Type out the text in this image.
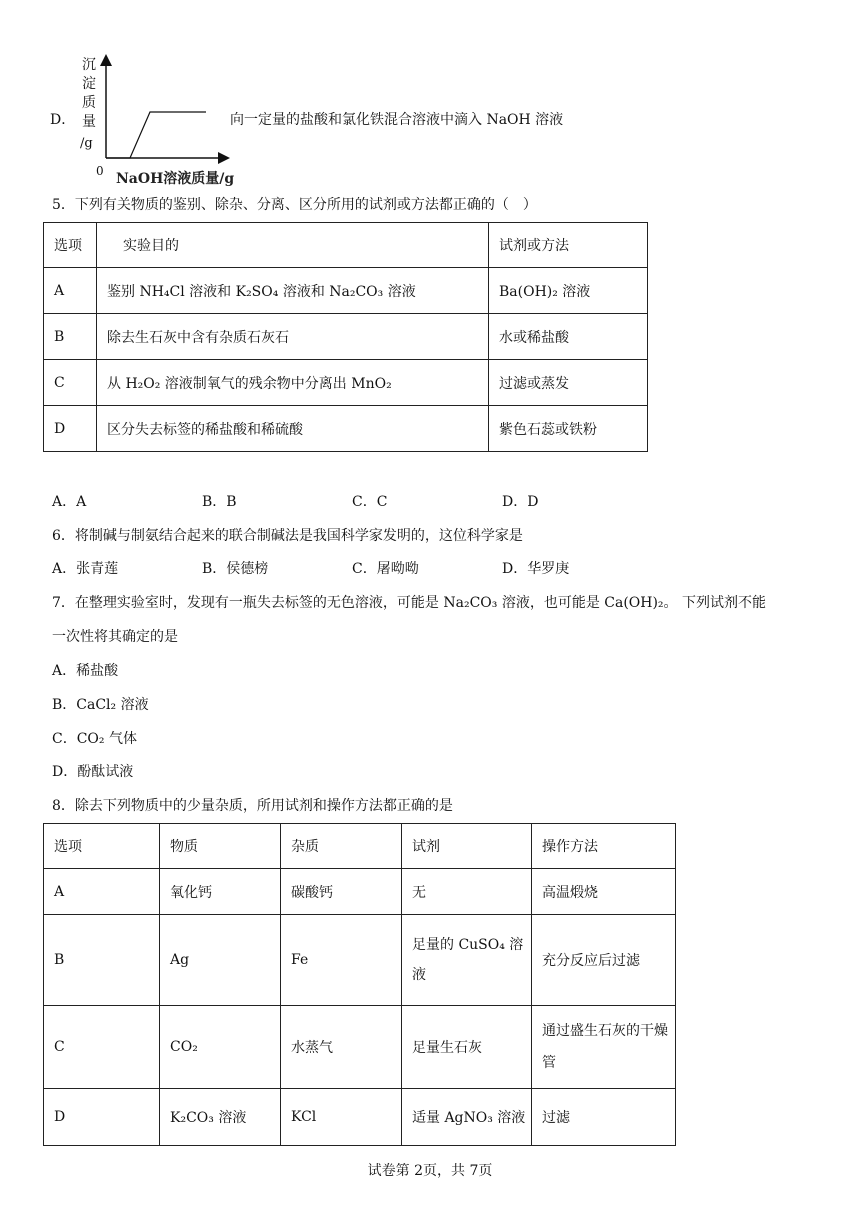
D．
沉
淀
质
量
/g
0 NaOH溶液质量/g
向一定量的盐酸和氯化铁混合溶液中滴入 NaOH 溶液
5．下列有关物质的鉴别、除杂、分离、区分所用的试剂或方法都正确的（　）
选项	实验目的	试剂或方法
A	鉴别 NH₄Cl 溶液和 K₂SO₄ 溶液和 Na₂CO₃ 溶液	Ba(OH)₂ 溶液
B	除去生石灰中含有杂质石灰石	水或稀盐酸
C	从 H₂O₂ 溶液制氧气的残余物中分离出 MnO₂	过滤或蒸发
D	区分失去标签的稀盐酸和稀硫酸	紫色石蕊或铁粉
A．A	B．B	C．C	D．D
6．将制碱与制氨结合起来的联合制碱法是我国科学家发明的，这位科学家是
A．张青莲	B．侯德榜	C．屠呦呦	D．华罗庚
7．在整理实验室时，发现有一瓶失去标签的无色溶液，可能是 Na₂CO₃ 溶液，也可能是 Ca(OH)₂。 下列试剂不能
一次性将其确定的是
A．稀盐酸
B．CaCl₂ 溶液
C．CO₂ 气体
D．酚酞试液
8．除去下列物质中的少量杂质，所用试剂和操作方法都正确的是
选项	物质	杂质	试剂	操作方法
A	氧化钙	碳酸钙	无	高温煅烧
B	Ag	Fe	足量的 CuSO₄ 溶液	充分反应后过滤
C	CO₂	水蒸气	足量生石灰	通过盛生石灰的干燥管
D	K₂CO₃ 溶液	KCl	适量 AgNO₃ 溶液	过滤
试卷第 2页，共 7页
